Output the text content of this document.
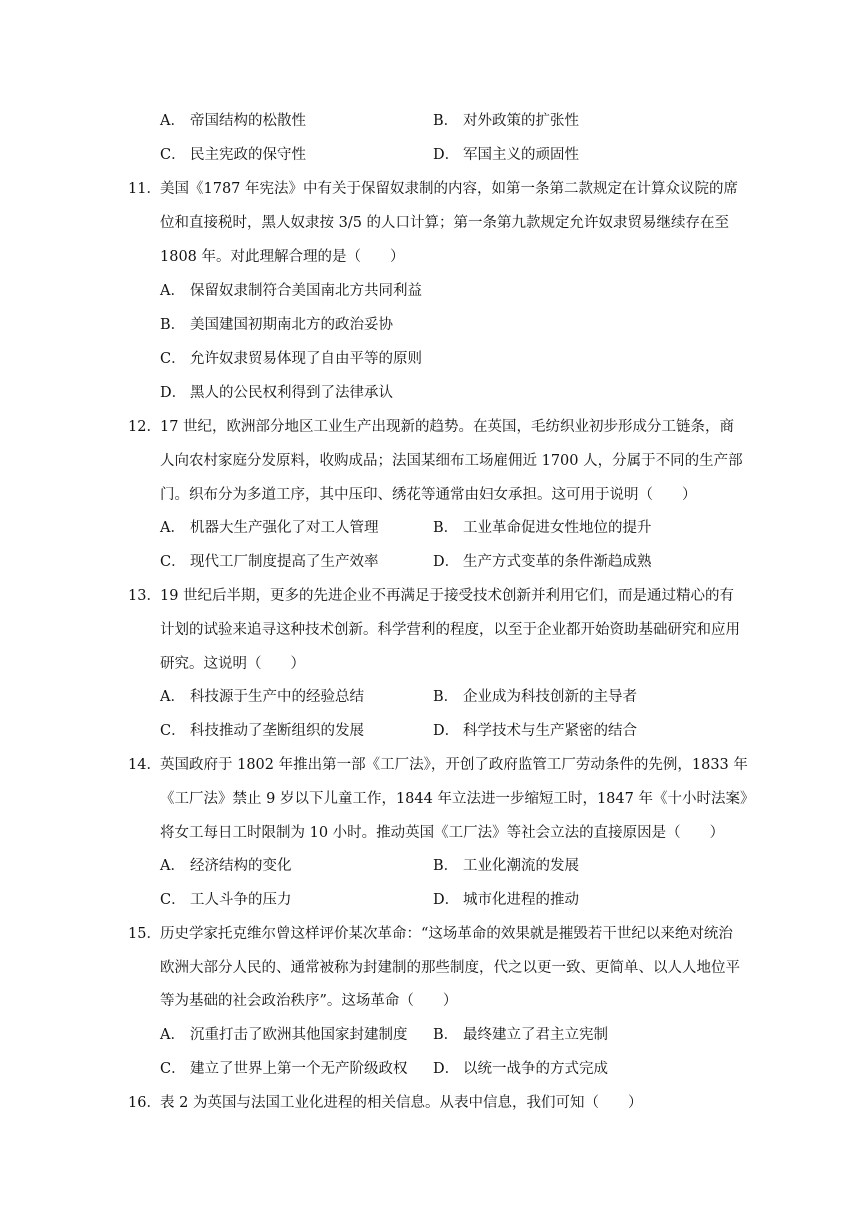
A． 帝国结构的松散性	B． 对外政策的扩张性
C． 民主宪政的保守性	D． 军国主义的顽固性
11． 美国《1787 年宪法》中有关于保留奴隶制的内容，如第一条第二款规定在计算众议院的席
位和直接税时，黑人奴隶按 3/5 的人口计算；第一条第九款规定允许奴隶贸易继续存在至
1808 年。对此理解合理的是（　　）
A． 保留奴隶制符合美国南北方共同利益
B． 美国建国初期南北方的政治妥协
C． 允许奴隶贸易体现了自由平等的原则
D． 黑人的公民权利得到了法律承认
12． 17 世纪，欧洲部分地区工业生产出现新的趋势。在英国，毛纺织业初步形成分工链条，商
人向农村家庭分发原料，收购成品；法国某细布工场雇佣近 1700 人，分属于不同的生产部
门。织布分为多道工序，其中压印、绣花等通常由妇女承担。这可用于说明（　　）
A． 机器大生产强化了对工人管理	B． 工业革命促进女性地位的提升
C． 现代工厂制度提高了生产效率	D． 生产方式变革的条件渐趋成熟
13． 19 世纪后半期，更多的先进企业不再满足于接受技术创新并利用它们，而是通过精心的有
计划的试验来追寻这种技术创新。科学营利的程度，以至于企业都开始资助基础研究和应用
研究。这说明（　　）
A． 科技源于生产中的经验总结	B． 企业成为科技创新的主导者
C． 科技推动了垄断组织的发展	D． 科学技术与生产紧密的结合
14． 英国政府于 1802 年推出第一部《工厂法》，开创了政府监管工厂劳动条件的先例，1833 年
《工厂法》禁止 9 岁以下儿童工作，1844 年立法进一步缩短工时，1847 年《十小时法案》
将女工每日工时限制为 10 小时。推动英国《工厂法》等社会立法的直接原因是（　　）
A． 经济结构的变化	B． 工业化潮流的发展
C． 工人斗争的压力	D． 城市化进程的推动
15． 历史学家托克维尔曾这样评价某次革命：“这场革命的效果就是摧毁若干世纪以来绝对统治
欧洲大部分人民的、通常被称为封建制的那些制度，代之以更一致、更简单、以人人地位平
等为基础的社会政治秩序”。这场革命（　　）
A． 沉重打击了欧洲其他国家封建制度 B． 最终建立了君主立宪制
C． 建立了世界上第一个无产阶级政权 D． 以统一战争的方式完成
16． 表 2 为英国与法国工业化进程的相关信息。从表中信息，我们可知（　　）
